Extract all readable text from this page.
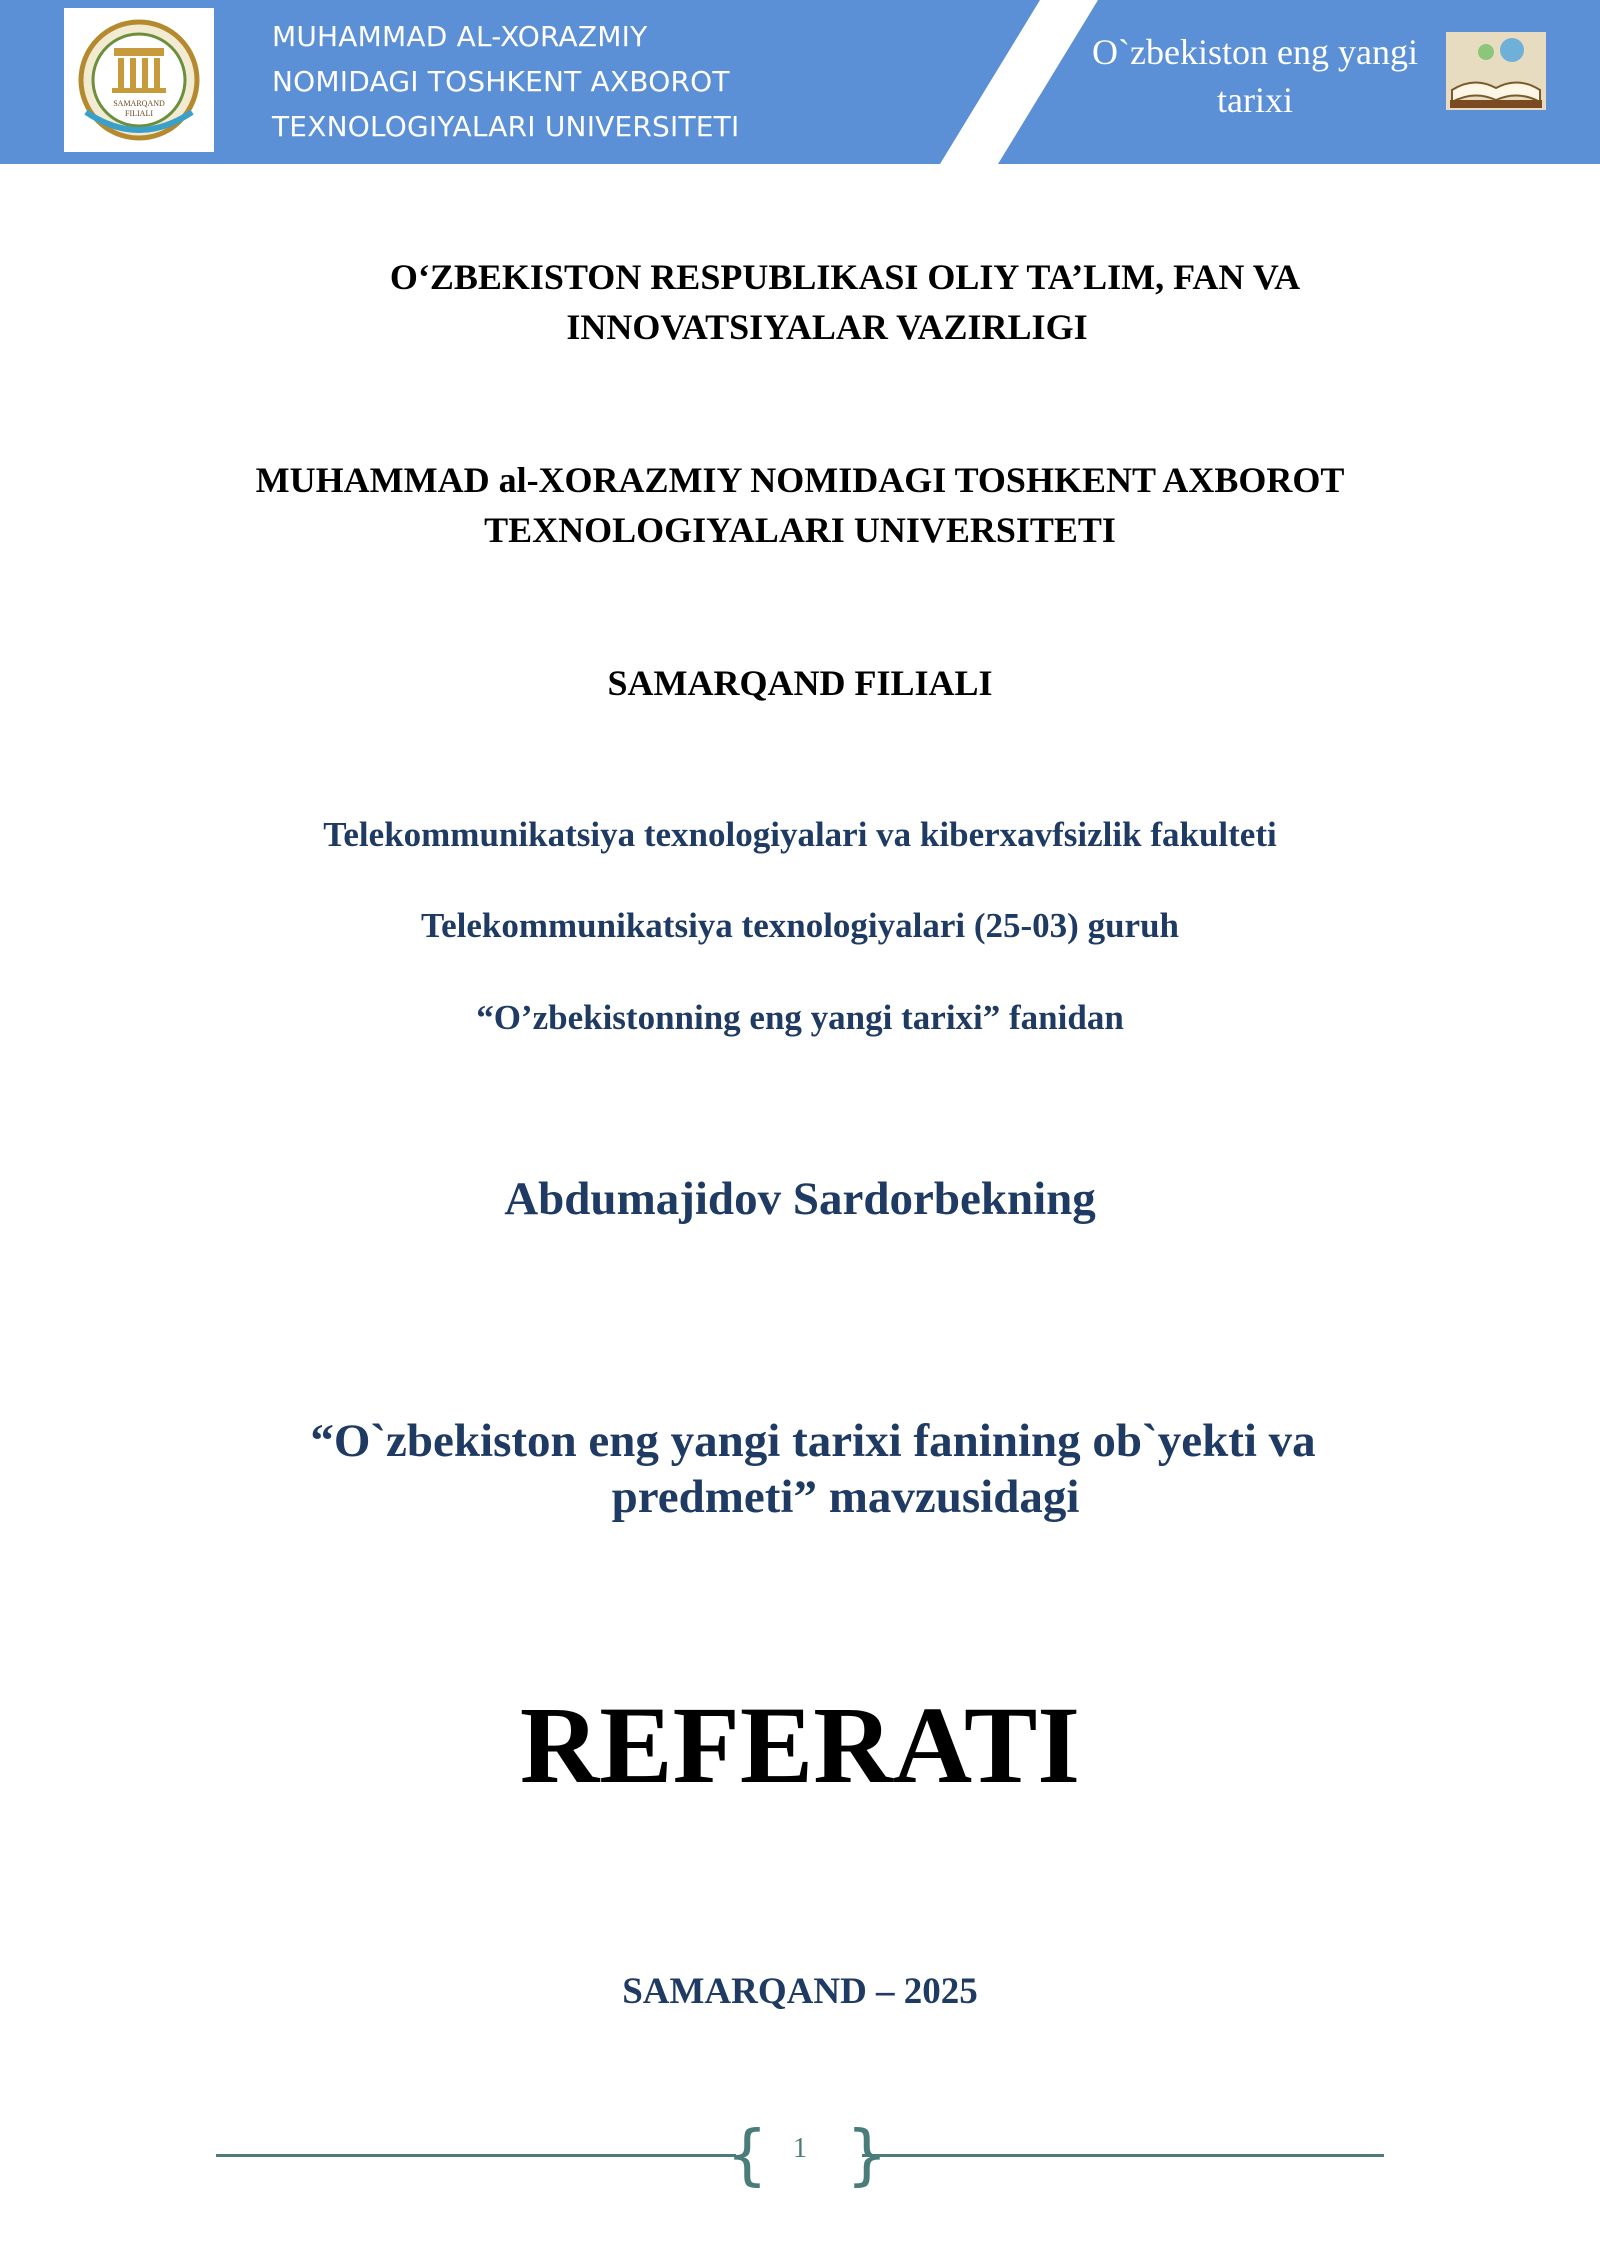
SAMARQAND
FILIALI
MUHAMMAD AL-XORAZMIY
NOMIDAGI TOSHKENT AXBOROT
TEXNOLOGIYALARI UNIVERSITETI
O`zbekiston eng yangi
tarixi
O‘ZBEKISTON RESPUBLIKASI OLIY TA’LIM, FAN VA
INNOVATSIYALAR VAZIRLIGI
MUHAMMAD al-XORAZMIY NOMIDAGI TOSHKENT AXBOROT
TEXNOLOGIYALARI UNIVERSITETI
SAMARQAND FILIALI
Telekommunikatsiya texnologiyalari va kiberxavfsizlik fakulteti
Telekommunikatsiya texnologiyalari (25-03) guruh
“O’zbekistonning eng yangi tarixi” fanidan
Abdumajidov Sardorbekning
“O`zbekiston eng yangi tarixi fanining ob`yekti va
predmeti” mavzusidagi
REFERATI
SAMARQAND – 2025
{ }
1
